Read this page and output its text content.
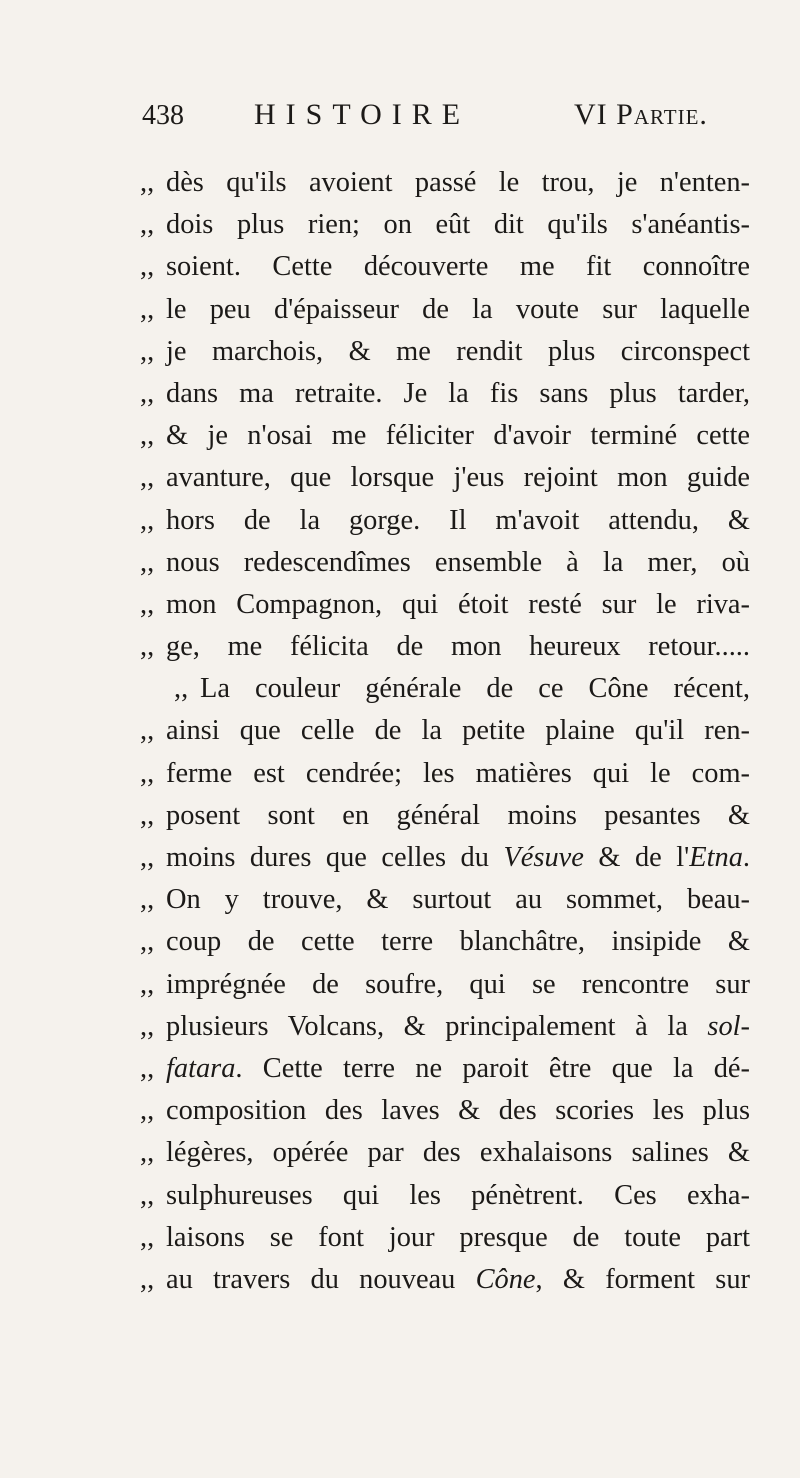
438 HISTOIRE	VI Partie.
,, dès qu'ils avoient passé le trou, je n'enten-
,, dois plus rien; on eût dit qu'ils s'anéantis-
,, soient. Cette découverte me fit connoître
,, le peu d'épaisseur de la voute sur laquelle
,, je marchois, & me rendit plus circonspect
,, dans ma retraite. Je la fis sans plus tarder,
,, & je n'osai me féliciter d'avoir terminé cette
,, avanture, que lorsque j'eus rejoint mon guide
,, hors de la gorge. Il m'avoit attendu, &
,, nous redescendîmes ensemble à la mer, où
,, mon Compagnon, qui étoit resté sur le riva-
,, ge, me félicita de mon heureux retour.....
,, La couleur générale de ce Cône récent,
,, ainsi que celle de la petite plaine qu'il ren-
,, ferme est cendrée; les matières qui le com-
,, posent sont en général moins pesantes &
,, moins dures que celles du Vésuve & de l'Etna.
,, On y trouve, & surtout au sommet, beau-
,, coup de cette terre blanchâtre, insipide &
,, imprégnée de soufre, qui se rencontre sur
,, plusieurs Volcans, & principalement à la sol-
,, fatara. Cette terre ne paroit être que la dé-
,, composition des laves & des scories les plus
,, légères, opérée par des exhalaisons salines &
,, sulphureuses qui les pénètrent. Ces exha-
,, laisons se font jour presque de toute part
,, au travers du nouveau Cône, & forment sur
